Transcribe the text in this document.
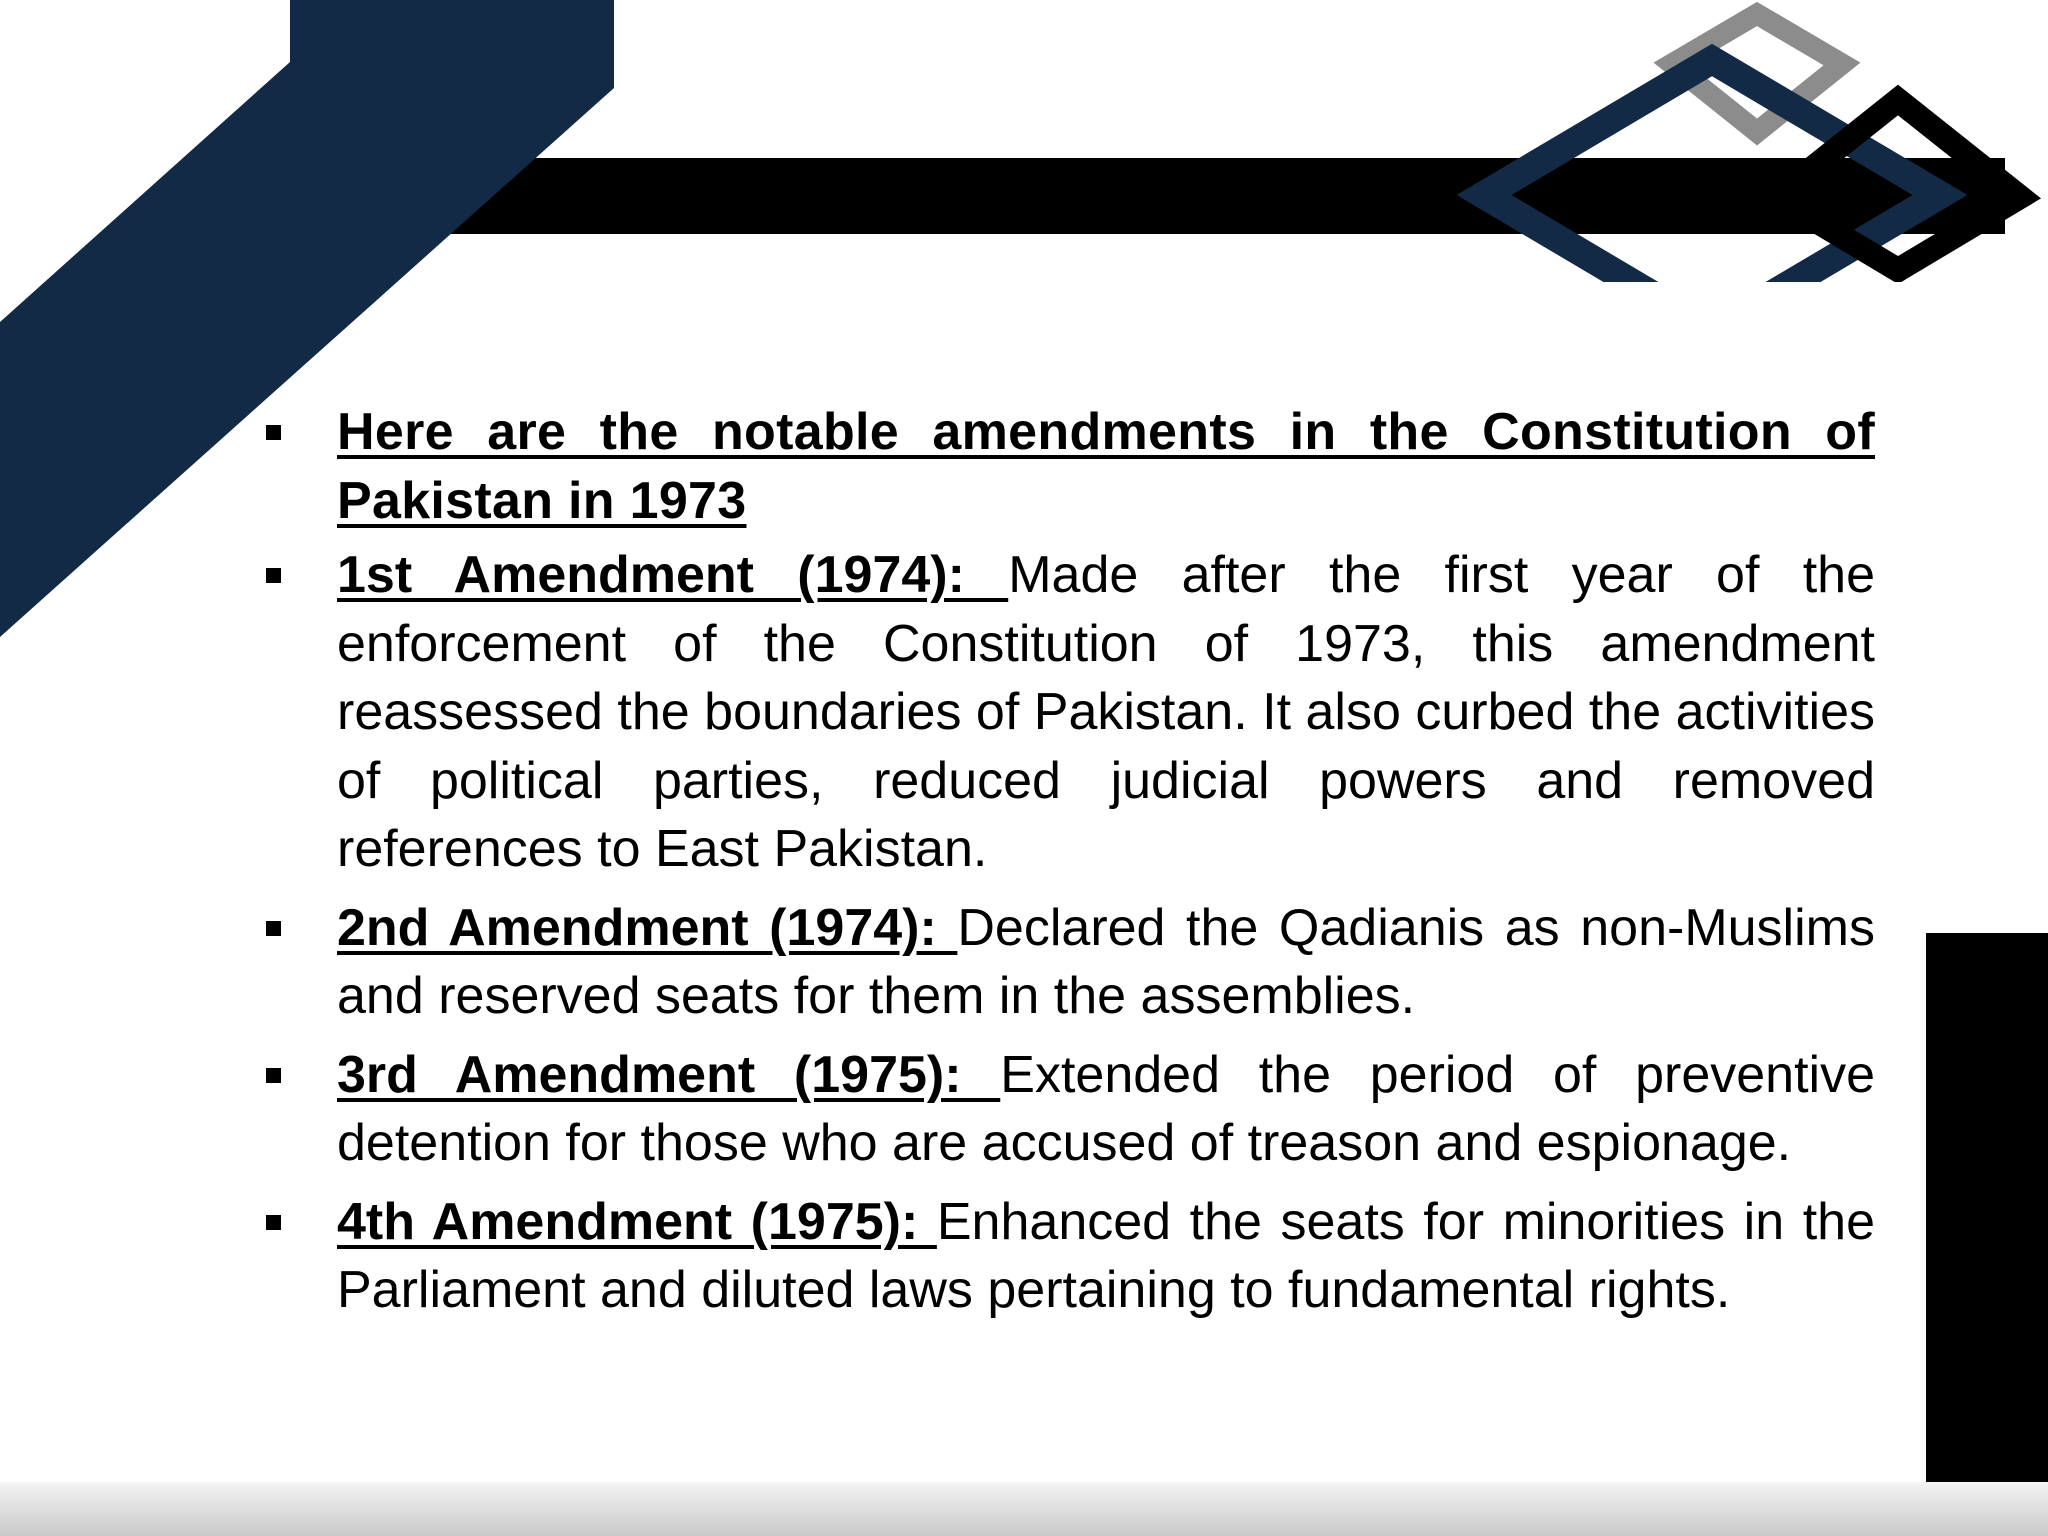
Here are the notable amendments in the Constitution of Pakistan in 1973
1st Amendment (1974): Made after the first year of the enforcement of the Constitution of 1973, this amendment reassessed the boundaries of Pakistan. It also curbed the activities of political parties, reduced judicial powers and removed references to East Pakistan.
2nd Amendment (1974): Declared the Qadianis as non-Muslims and reserved seats for them in the assemblies.
3rd Amendment (1975): Extended the period of preventive detention for those who are accused of treason and espionage.
4th Amendment (1975): Enhanced the seats for minorities in the Parliament and diluted laws pertaining to fundamental rights.
